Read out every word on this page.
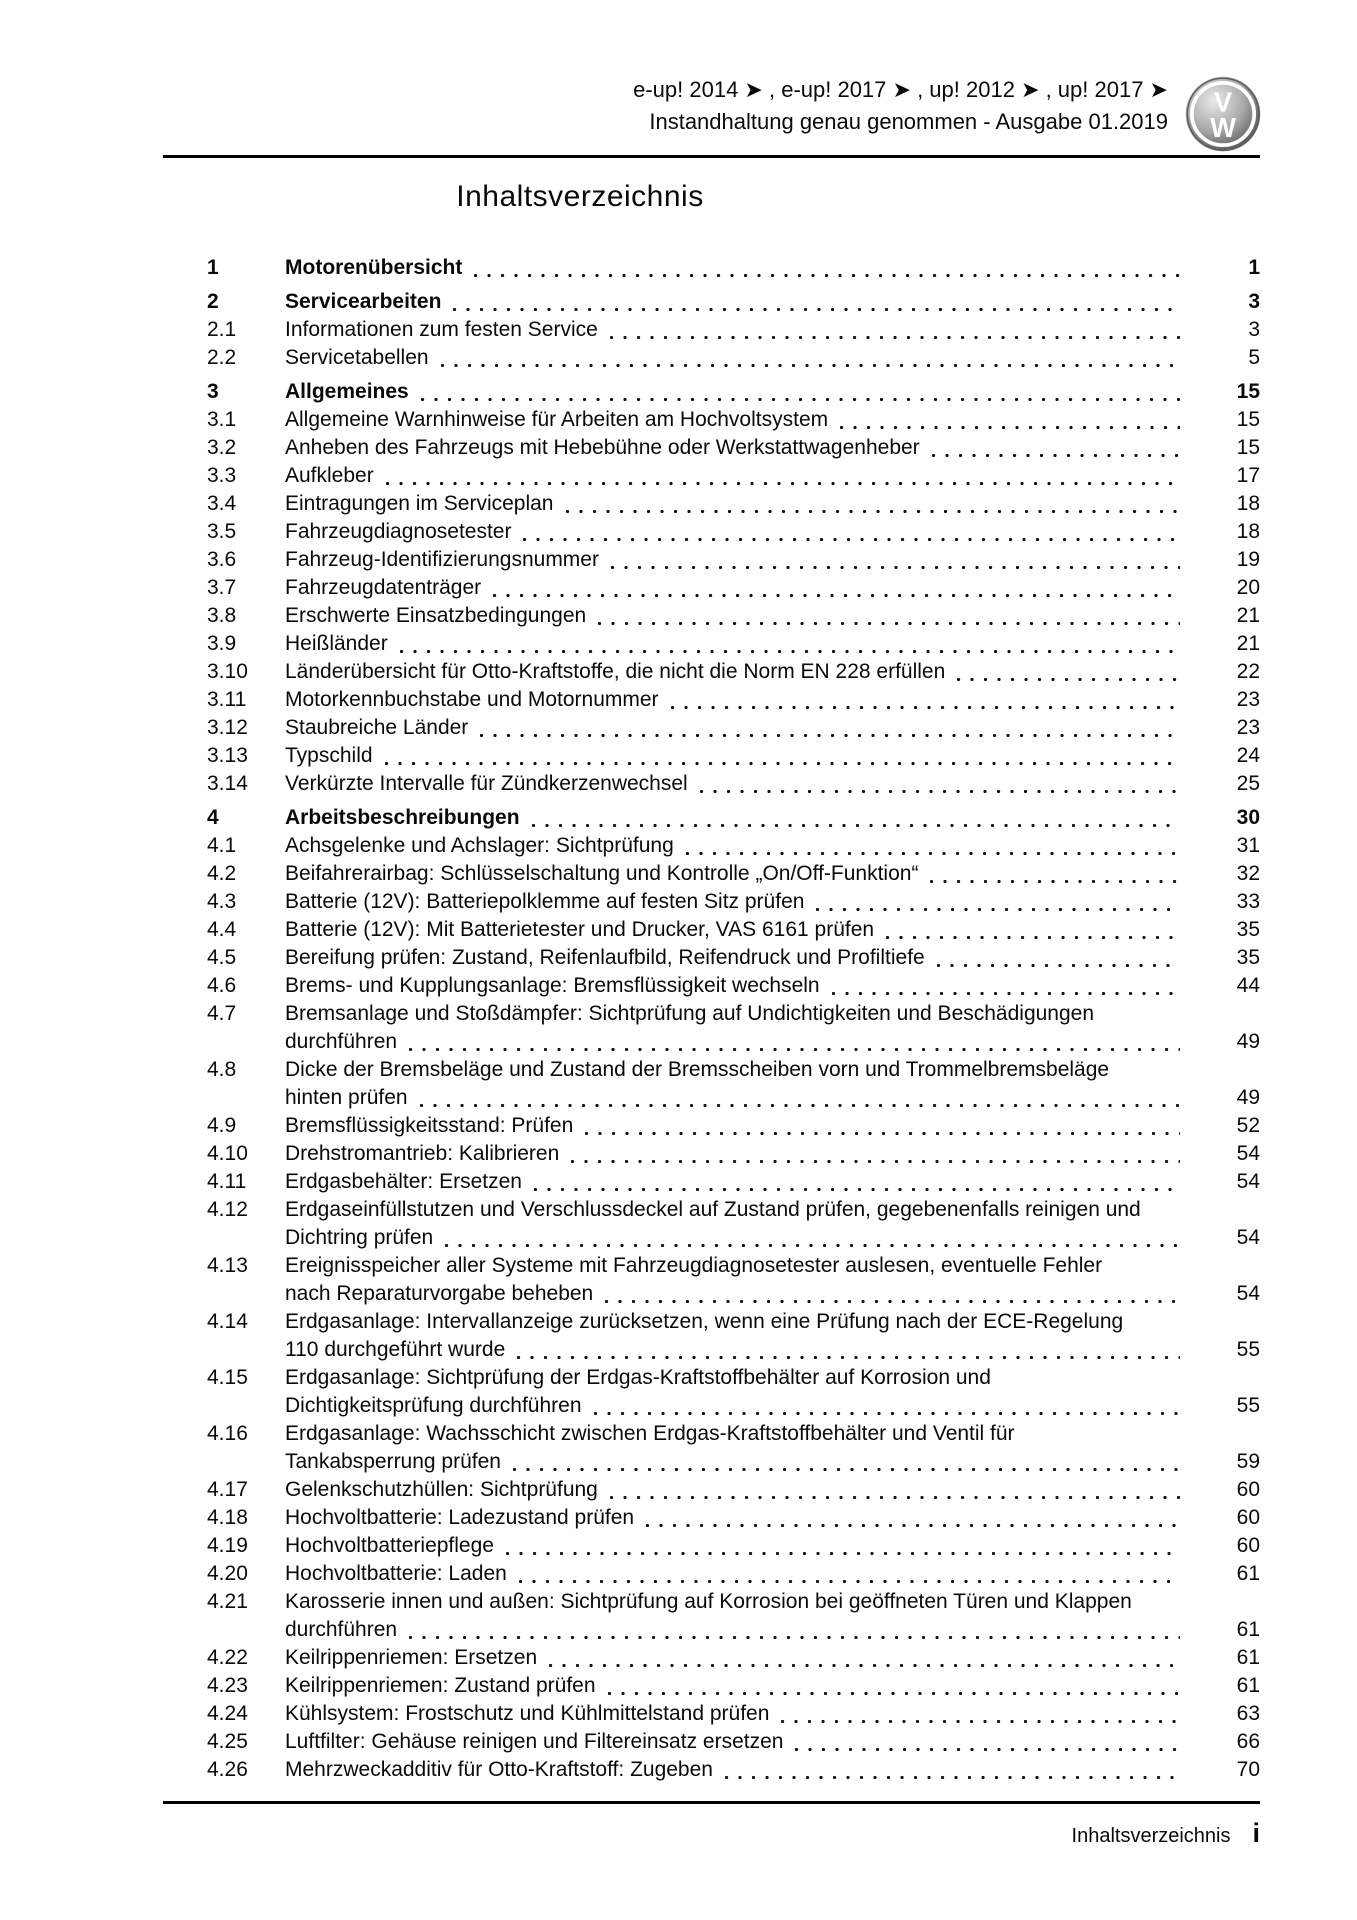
e-up! 2014 ➤ , e-up! 2017 ➤ , up! 2012 ➤ , up! 2017 ➤
Instandhaltung genau genommen - Ausgabe 01.2019
V
W
Inhaltsverzeichnis
1	Motorenübersicht	1
2	Servicearbeiten	3
2.1	Informationen zum festen Service	3
2.2	Servicetabellen	5
3	Allgemeines	15
3.1	Allgemeine Warnhinweise für Arbeiten am Hochvoltsystem	15
3.2	Anheben des Fahrzeugs mit Hebebühne oder Werkstattwagenheber	15
3.3	Aufkleber	17
3.4	Eintragungen im Serviceplan	18
3.5	Fahrzeugdiagnosetester	18
3.6	Fahrzeug-Identifizierungsnummer	19
3.7	Fahrzeugdatenträger	20
3.8	Erschwerte Einsatzbedingungen	21
3.9	Heißländer	21
3.10	Länderübersicht für Otto-Kraftstoffe, die nicht die Norm EN 228 erfüllen	22
3.11	Motorkennbuchstabe und Motornummer	23
3.12	Staubreiche Länder	23
3.13	Typschild	24
3.14	Verkürzte Intervalle für Zündkerzenwechsel	25
4	Arbeitsbeschreibungen	30
4.1	Achsgelenke und Achslager: Sichtprüfung	31
4.2	Beifahrerairbag: Schlüsselschaltung und Kontrolle „On/Off-Funktion“	32
4.3	Batterie (12V): Batteriepolklemme auf festen Sitz prüfen	33
4.4	Batterie (12V): Mit Batterietester und Drucker, VAS 6161 prüfen	35
4.5	Bereifung prüfen: Zustand, Reifenlaufbild, Reifendruck und Profiltiefe	35
4.6	Brems- und Kupplungsanlage: Bremsflüssigkeit wechseln	44
4.7	Bremsanlage und Stoßdämpfer: Sichtprüfung auf Undichtigkeiten und Beschädigungen
durchführen	49
4.8	Dicke der Bremsbeläge und Zustand der Bremsscheiben vorn und Trommelbremsbeläge
hinten prüfen	49
4.9	Bremsflüssigkeitsstand: Prüfen	52
4.10	Drehstromantrieb: Kalibrieren	54
4.11	Erdgasbehälter: Ersetzen	54
4.12	Erdgaseinfüllstutzen und Verschlussdeckel auf Zustand prüfen, gegebenenfalls reinigen und
Dichtring prüfen	54
4.13	Ereignisspeicher aller Systeme mit Fahrzeugdiagnosetester auslesen, eventuelle Fehler
nach Reparaturvorgabe beheben	54
4.14	Erdgasanlage: Intervallanzeige zurücksetzen, wenn eine Prüfung nach der ECE-Regelung
110 durchgeführt wurde	55
4.15	Erdgasanlage: Sichtprüfung der Erdgas-Kraftstoffbehälter auf Korrosion und
Dichtigkeitsprüfung durchführen	55
4.16	Erdgasanlage: Wachsschicht zwischen Erdgas-Kraftstoffbehälter und Ventil für
Tankabsperrung prüfen	59
4.17	Gelenkschutzhüllen: Sichtprüfung	60
4.18	Hochvoltbatterie: Ladezustand prüfen	60
4.19	Hochvoltbatteriepflege	60
4.20	Hochvoltbatterie: Laden	61
4.21	Karosserie innen und außen: Sichtprüfung auf Korrosion bei geöffneten Türen und Klappen
durchführen	61
4.22	Keilrippenriemen: Ersetzen	61
4.23	Keilrippenriemen: Zustand prüfen	61
4.24	Kühlsystem: Frostschutz und Kühlmittelstand prüfen	63
4.25	Luftfilter: Gehäuse reinigen und Filtereinsatz ersetzen	66
4.26	Mehrzweckadditiv für Otto-Kraftstoff: Zugeben	70
Inhaltsverzeichnis i
